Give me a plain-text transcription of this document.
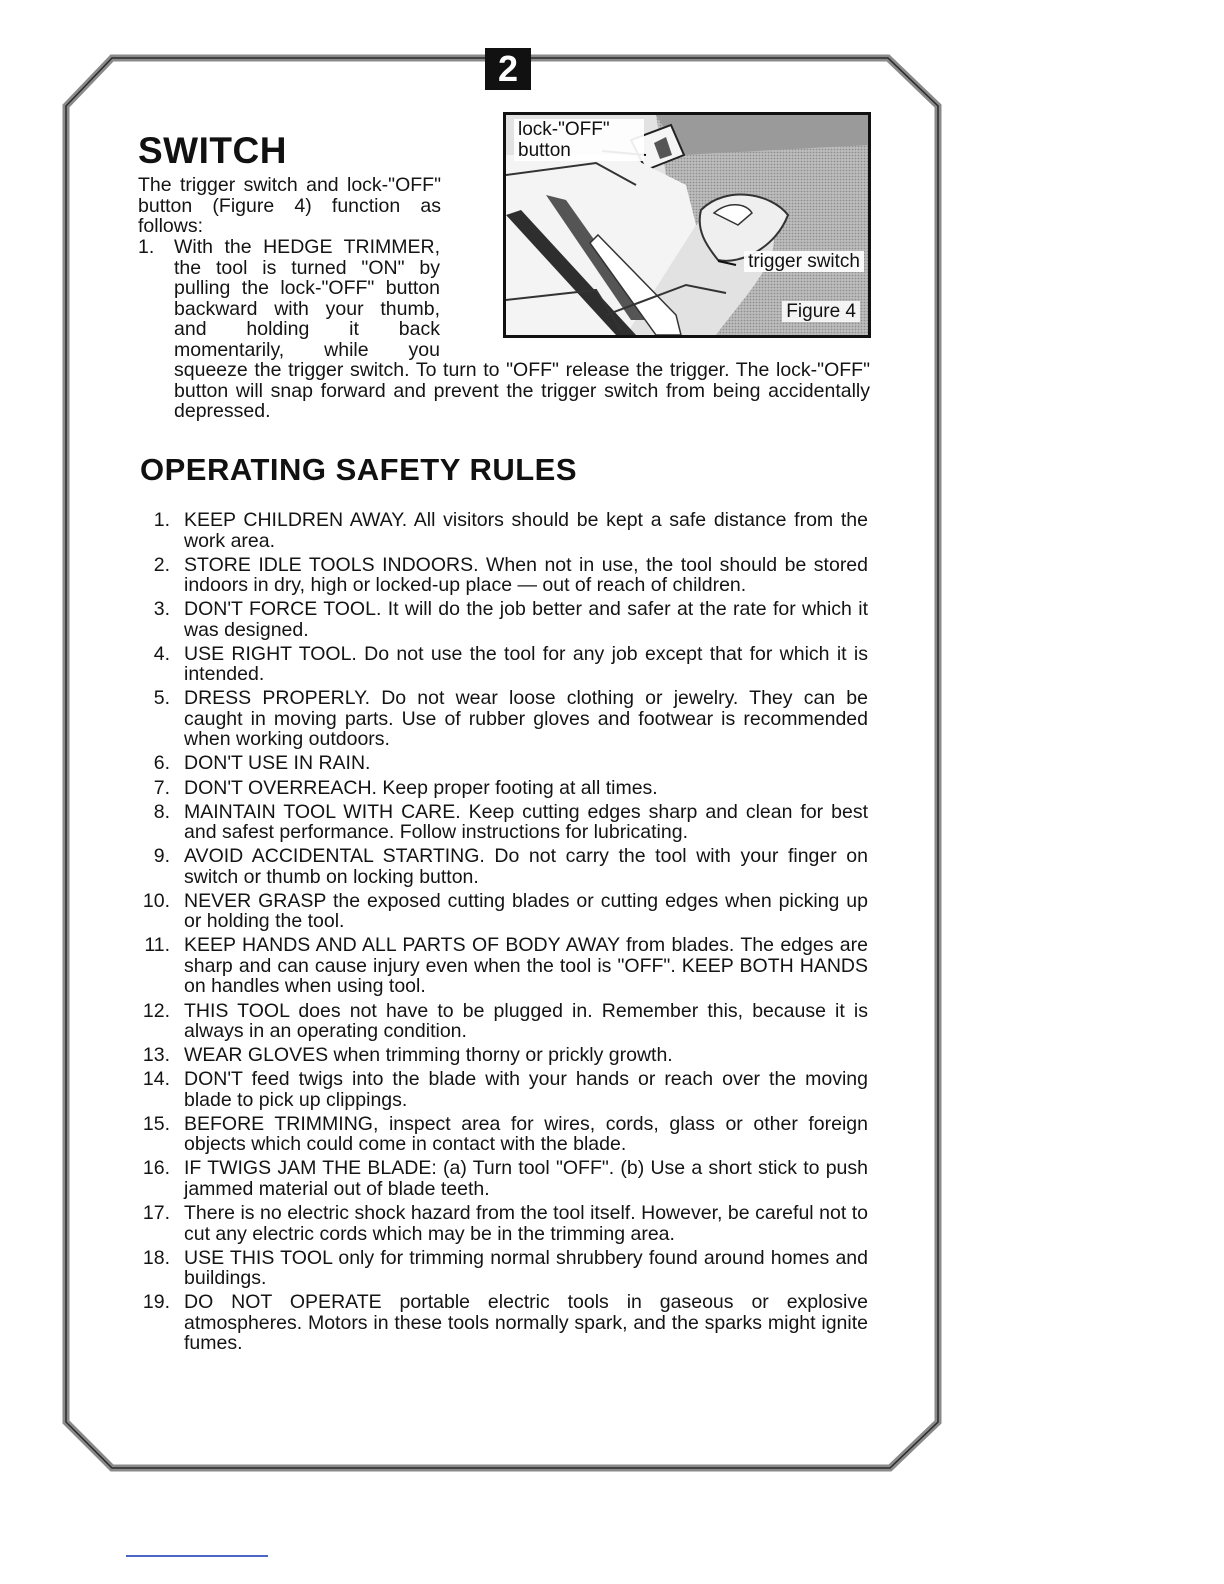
2
SWITCH

The trigger switch and lock-"OFF" button (Figure 4) function as follows:

1.	With the HEDGE TRIMMER, the tool is turned "ON" by pulling the lock-"OFF" button backward with your thumb, and holding it back momentarily, while you squeeze the trigger switch. To turn to "OFF" release the trigger. The lock-"OFF" button will snap forward and prevent the trigger switch from being accidentally depressed.
lock-"OFF" button
trigger switch
Figure 4
OPERATING SAFETY RULES
1. KEEP CHILDREN AWAY. All visitors should be kept a safe distance from the work area.
2. STORE IDLE TOOLS INDOORS. When not in use, the tool should be stored indoors in dry, high or locked-up place — out of reach of children.
3. DON'T FORCE TOOL. It will do the job better and safer at the rate for which it was designed.
4. USE RIGHT TOOL. Do not use the tool for any job except that for which it is intended.
5. DRESS PROPERLY. Do not wear loose clothing or jewelry. They can be caught in moving parts. Use of rubber gloves and footwear is recommended when working outdoors.
6. DON'T USE IN RAIN.
7. DON'T OVERREACH. Keep proper footing at all times.
8. MAINTAIN TOOL WITH CARE. Keep cutting edges sharp and clean for best and safest performance. Follow instructions for lubricating.
9. AVOID ACCIDENTAL STARTING. Do not carry the tool with your finger on switch or thumb on locking button.
10. NEVER GRASP the exposed cutting blades or cutting edges when picking up or holding the tool.
11. KEEP HANDS AND ALL PARTS OF BODY AWAY from blades. The edges are sharp and can cause injury even when the tool is "OFF". KEEP BOTH HANDS on handles when using tool.
12. THIS TOOL does not have to be plugged in. Remember this, because it is always in an operating condition.
13. WEAR GLOVES when trimming thorny or prickly growth.
14. DON'T feed twigs into the blade with your hands or reach over the moving blade to pick up clippings.
15. BEFORE TRIMMING, inspect area for wires, cords, glass or other foreign objects which could come in contact with the blade.
16. IF TWIGS JAM THE BLADE: (a) Turn tool "OFF". (b) Use a short stick to push jammed material out of blade teeth.
17. There is no electric shock hazard from the tool itself. However, be careful not to cut any electric cords which may be in the trimming area.
18. USE THIS TOOL only for trimming normal shrubbery found around homes and buildings.
19. DO NOT OPERATE portable electric tools in gaseous or explosive atmospheres. Motors in these tools normally spark, and the sparks might ignite fumes.
